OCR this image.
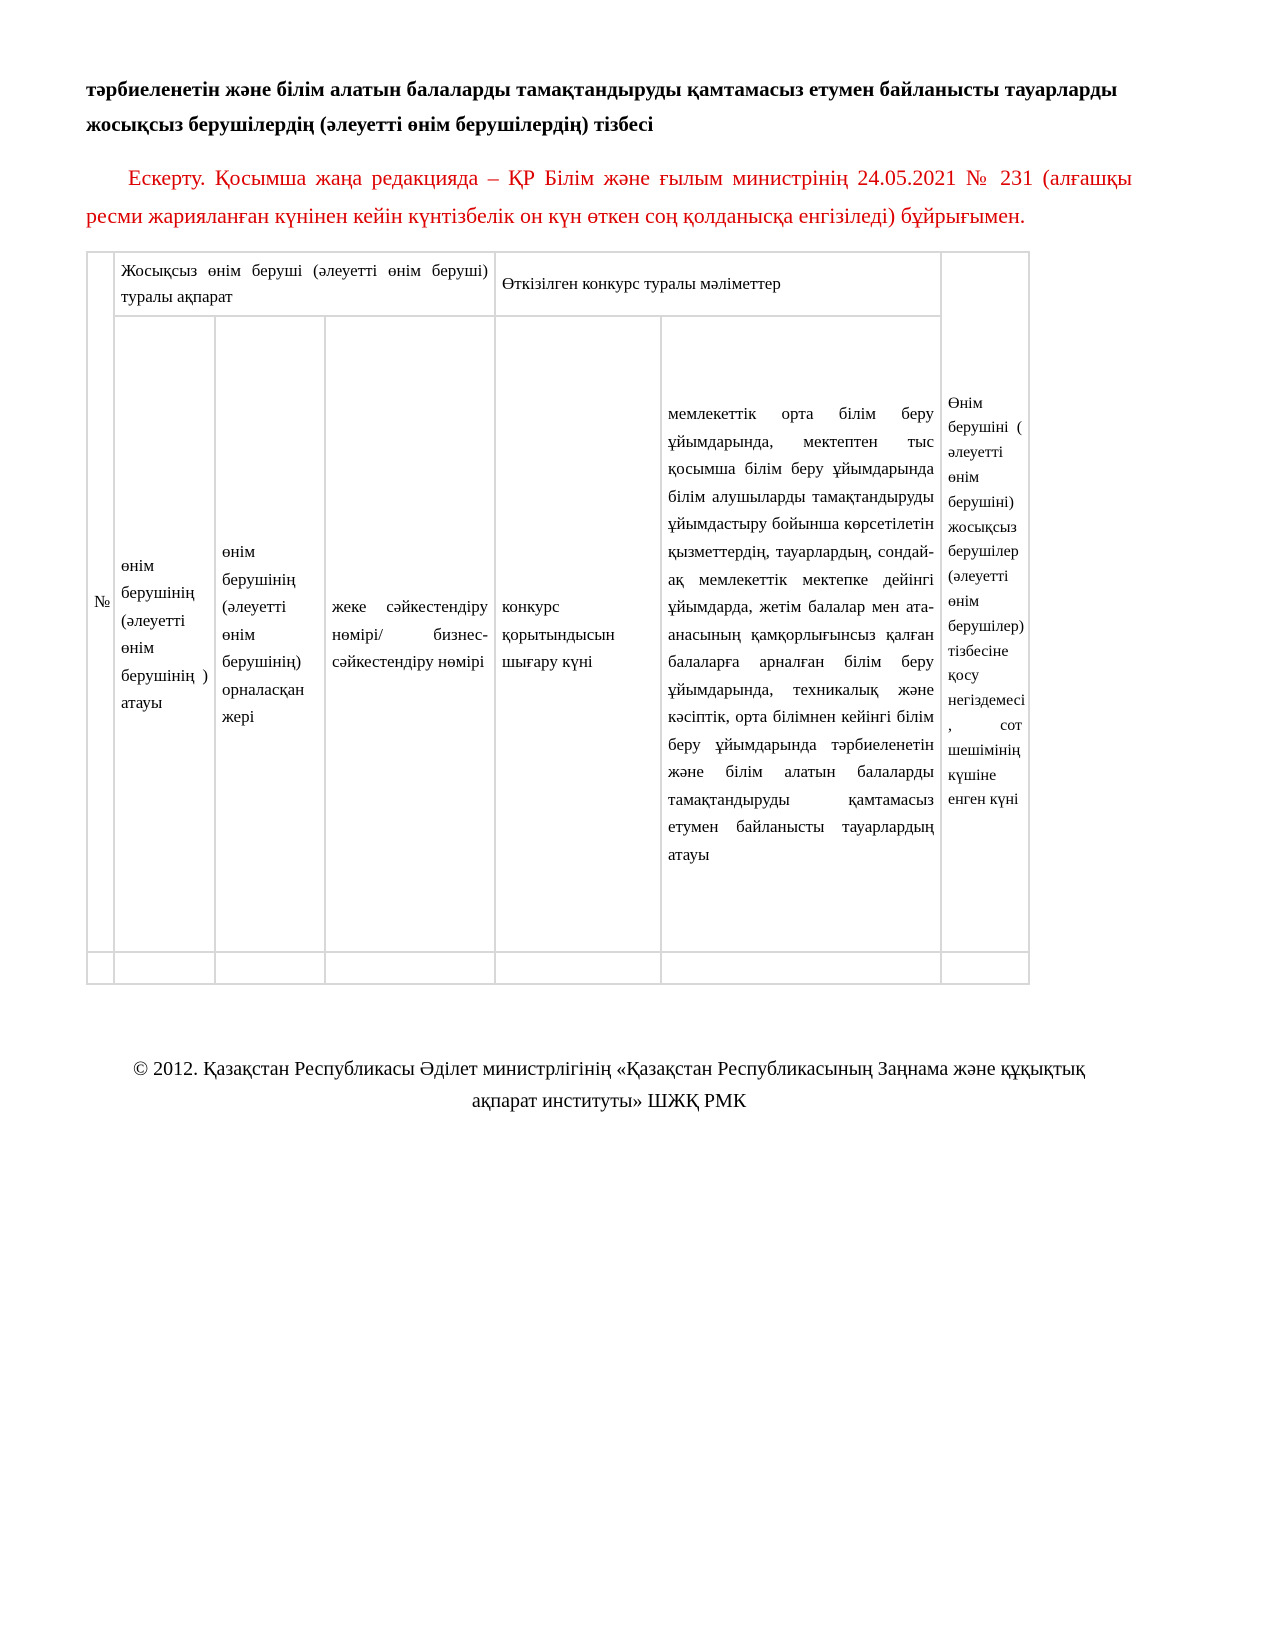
тәрбиеленетін және білім алатын балаларды тамақтандыруды қамтамасыз етумен байланысты тауарларды жосықсыз берушілердің (әлеуетті өнім берушілердің) тізбесі

Ескерту. Қосымша жаңа редакцияда – ҚР Білім және ғылым министрінің 24.05.2021 № 231 (алғашқы ресми жарияланған күнінен кейін күнтізбелік он күн өткен соң қолданысқа енгізіледі) бұйрығымен.

№	Жосықсыз өнім беруші (әлеуетті өнім беруші) туралы ақпарат			Өткізілген конкурс туралы мәліметтер		Өнім берушіні ( әлеуетті өнім берушіні) жосықсыз берушілер (әлеуетті өнім берушілер) тізбесіне қосу негіздемесі , сот шешімінің күшіне енген күні
	өнім берушінің (әлеуетті өнім берушінің ) атауы	өнім берушінің (әлеуетті өнім берушінің) орналасқан жері	жеке сәйкестендіру нөмірі/ бизнес-сәйкестендіру нөмірі	конкурс қорытындысын шығару күні	мемлекеттік орта білім беру ұйымдарында, мектептен тыс қосымша білім беру ұйымдарында білім алушыларды тамақтандыруды ұйымдастыру бойынша көрсетілетін қызметтердің, тауарлардың, сондай-ақ мемлекеттік мектепке дейінгі ұйымдарда, жетім балалар мен ата-анасының қамқорлығынсыз қалған балаларға арналған білім беру ұйымдарында, техникалық және кәсіптік, орта білімнен кейінгі білім беру ұйымдарында тәрбиеленетін және білім алатын балаларды тамақтандыруды қамтамасыз етумен байланысты тауарлардың атауы	

© 2012. Қазақстан Республикасы Әділет министрлігінің «Қазақстан Республикасының Заңнама және құқықтық ақпарат институты» ШЖҚ РМК
